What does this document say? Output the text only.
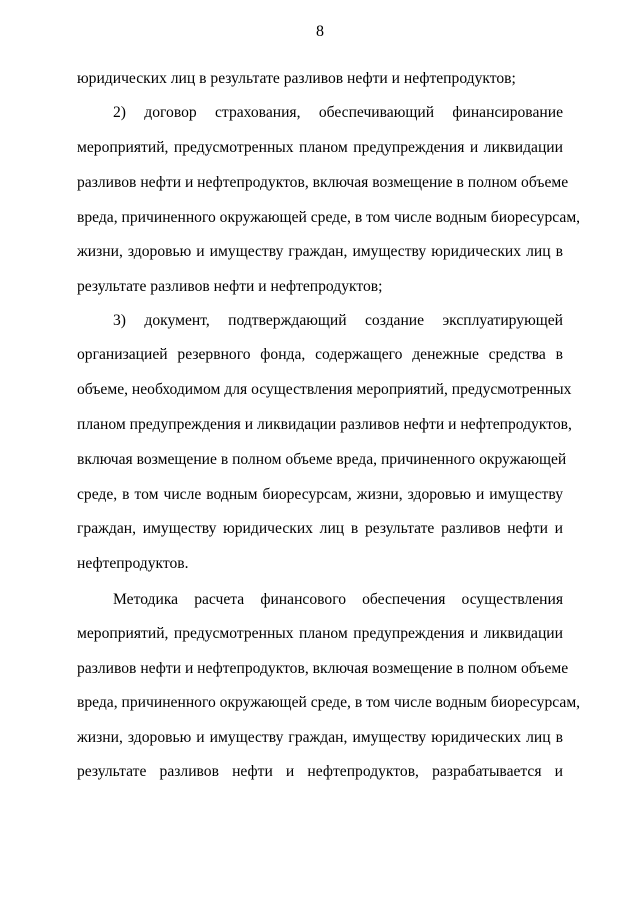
8
юридических лиц в результате разливов нефти и нефтепродуктов;
2) договор страхования, обеспечивающий финансирование
мероприятий, предусмотренных планом предупреждения и ликвидации
разливов нефти и нефтепродуктов, включая возмещение в полном объеме
вреда, причиненного окружающей среде, в том числе водным биоресурсам,
жизни, здоровью и имуществу граждан, имуществу юридических лиц в
результате разливов нефти и нефтепродуктов;
3) документ, подтверждающий создание эксплуатирующей
организацией резервного фонда, содержащего денежные средства в
объеме, необходимом для осуществления мероприятий, предусмотренных
планом предупреждения и ликвидации разливов нефти и нефтепродуктов,
включая возмещение в полном объеме вреда, причиненного окружающей
среде, в том числе водным биоресурсам, жизни, здоровью и имуществу
граждан, имуществу юридических лиц в результате разливов нефти и
нефтепродуктов.
Методика расчета финансового обеспечения осуществления
мероприятий, предусмотренных планом предупреждения и ликвидации
разливов нефти и нефтепродуктов, включая возмещение в полном объеме
вреда, причиненного окружающей среде, в том числе водным биоресурсам,
жизни, здоровью и имуществу граждан, имуществу юридических лиц в
результате разливов нефти и нефтепродуктов, разрабатывается и
